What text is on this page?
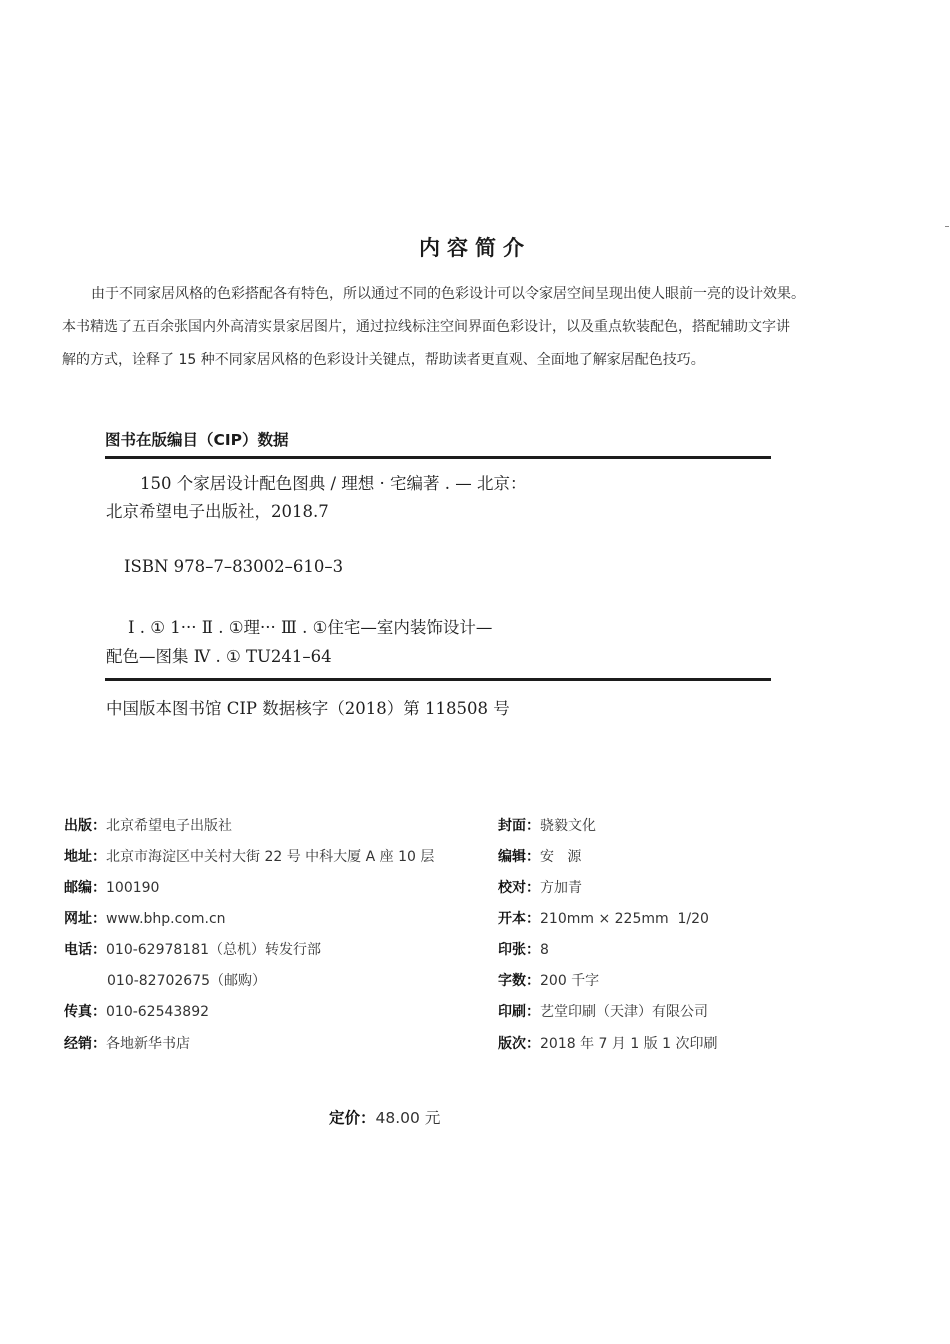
内容简介
由于不同家居风格的色彩搭配各有特色，所以通过不同的色彩设计可以令家居空间呈现出使人眼前一亮的设计效果。
本书精选了五百余张国内外高清实景家居图片，通过拉线标注空间界面色彩设计，以及重点软装配色，搭配辅助文字讲
解的方式，诠释了 15 种不同家居风格的色彩设计关键点，帮助读者更直观、全面地了解家居配色技巧。
图书在版编目（CIP）数据
150 个家居设计配色图典 / 理想 · 宅编著 . — 北京：
北京希望电子出版社，2018.7
ISBN 978–7–83002–610–3
Ⅰ . ① 1··· Ⅱ . ①理··· Ⅲ . ①住宅—室内装饰设计—
配色—图集 Ⅳ . ① TU241–64
中国版本图书馆 CIP 数据核字（2018）第 118508 号
出版：北京希望电子出版社
地址：北京市海淀区中关村大街 22 号 中科大厦 A 座 10 层
邮编：100190
网址：www.bhp.com.cn
电话：010-62978181（总机）转发行部
010-82702675（邮购）
传真：010-62543892
经销：各地新华书店
封面：骁毅文化
编辑：安   源
校对：方加青
开本：210mm × 225mm  1/20
印张：8
字数：200 千字
印刷：艺堂印刷（天津）有限公司
版次：2018 年 7 月 1 版 1 次印刷
定价：48.00 元
